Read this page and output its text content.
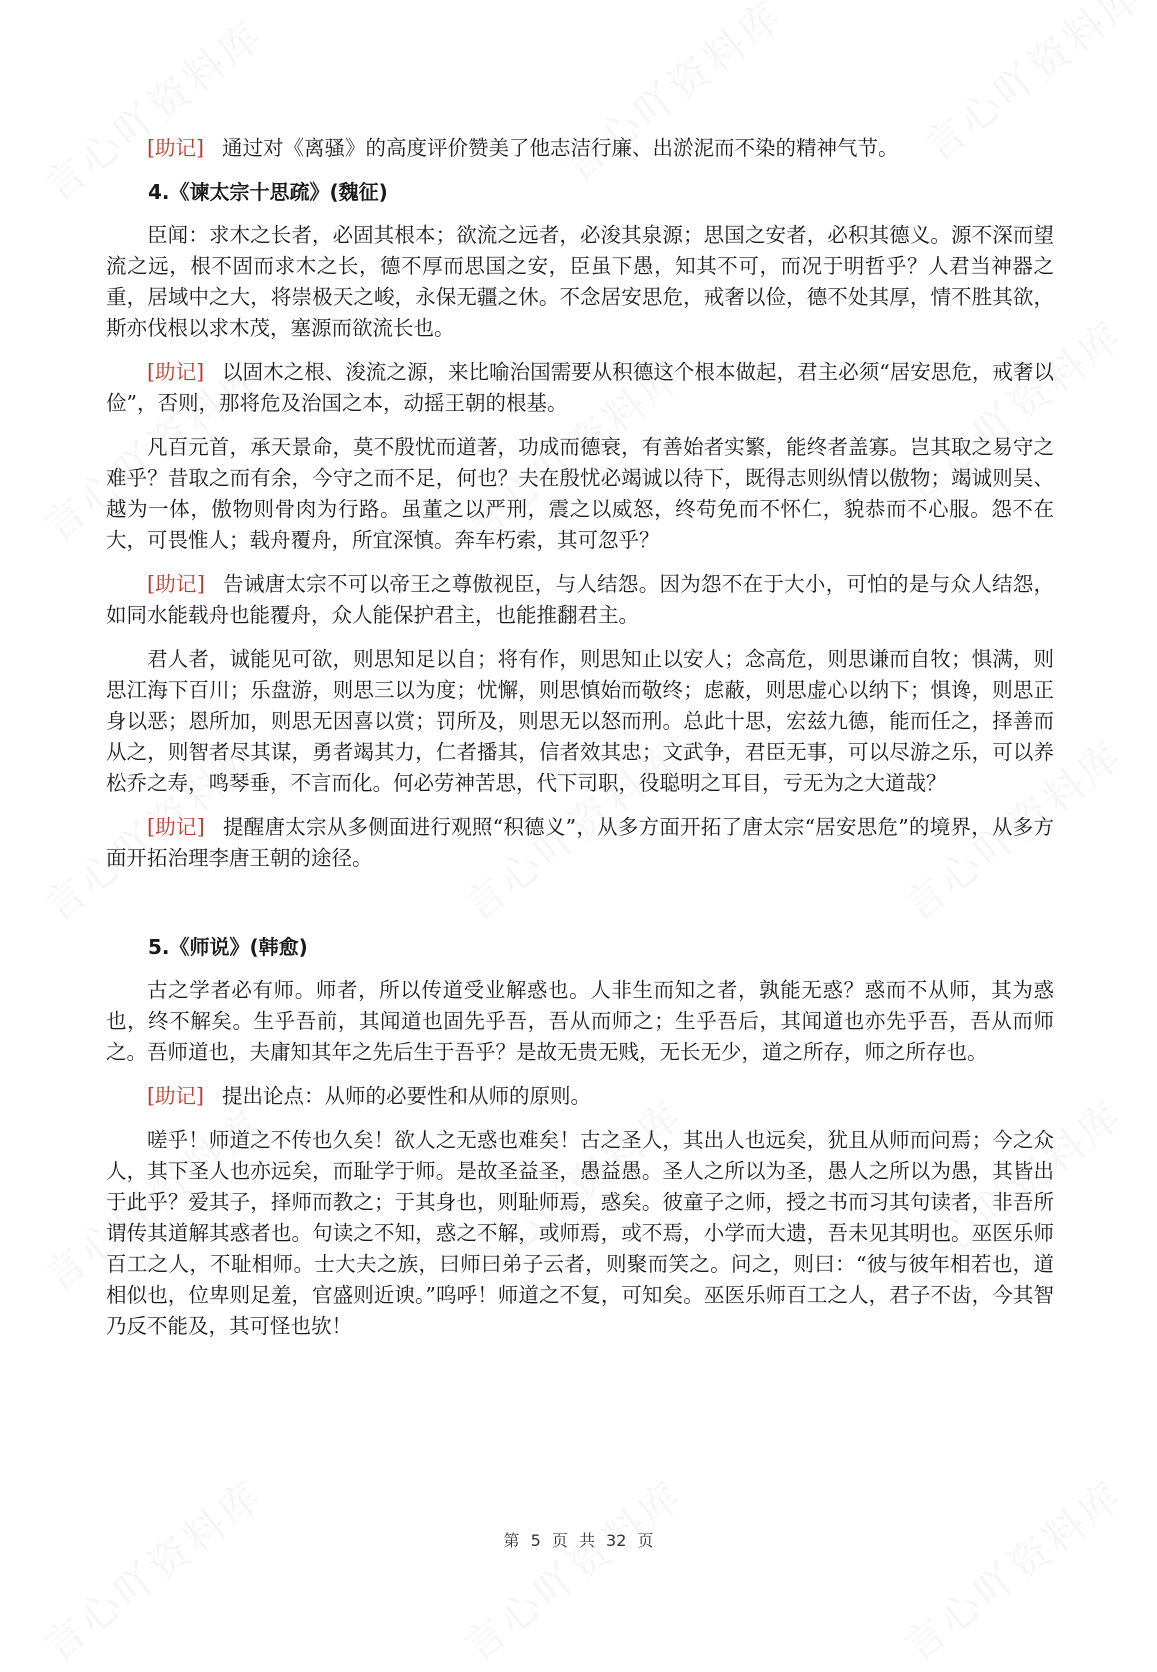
[助记] 通过对《离骚》的高度评价赞美了他志洁行廉、出淤泥而不染的精神气节。

4.《谏太宗十思疏》(魏征)

臣闻：求木之长者，必固其根本；欲流之远者，必浚其泉源；思国之安者，必积其德义。源不深而望流之远，根不固而求木之长，德不厚而思国之安，臣虽下愚，知其不可，而况于明哲乎？人君当神器之重，居域中之大，将崇极天之峻，永保无疆之休。不念居安思危，戒奢以俭，德不处其厚，情不胜其欲，斯亦伐根以求木茂，塞源而欲流长也。

[助记] 以固木之根、浚流之源，来比喻治国需要从积德这个根本做起，君主必须“居安思危，戒奢以俭”，否则，那将危及治国之本，动摇王朝的根基。

凡百元首，承天景命，莫不殷忧而道著，功成而德衰，有善始者实繁，能终者盖寡。岂其取之易守之难乎？昔取之而有余，今守之而不足，何也？夫在殷忧必竭诚以待下，既得志则纵情以傲物；竭诚则吴、越为一体，傲物则骨肉为行路。虽董之以严刑，震之以威怒，终苟免而不怀仁，貌恭而不心服。怨不在大，可畏惟人；载舟覆舟，所宜深慎。奔车朽索，其可忽乎？

[助记] 告诫唐太宗不可以帝王之尊傲视臣，与人结怨。因为怨不在于大小，可怕的是与众人结怨，如同水能载舟也能覆舟，众人能保护君主，也能推翻君主。

君人者，诚能见可欲，则思知足以自；将有作，则思知止以安人；念高危，则思谦而自牧；惧满，则思江海下百川；乐盘游，则思三以为度；忧懈，则思慎始而敬终；虑蔽，则思虚心以纳下；惧谗，则思正身以恶；恩所加，则思无因喜以赏；罚所及，则思无以怒而刑。总此十思，宏兹九德，能而任之，择善而从之，则智者尽其谋，勇者竭其力，仁者播其，信者效其忠；文武争，君臣无事，可以尽游之乐，可以养松乔之寿，鸣琴垂，不言而化。何必劳神苦思，代下司职，役聪明之耳目，亏无为之大道哉？

[助记] 提醒唐太宗从多侧面进行观照“积德义”，从多方面开拓了唐太宗“居安思危”的境界，从多方面开拓治理李唐王朝的途径。

5.《师说》(韩愈)

古之学者必有师。师者，所以传道受业解惑也。人非生而知之者，孰能无惑？惑而不从师，其为惑也，终不解矣。生乎吾前，其闻道也固先乎吾，吾从而师之；生乎吾后，其闻道也亦先乎吾，吾从而师之。吾师道也，夫庸知其年之先后生于吾乎？是故无贵无贱，无长无少，道之所存，师之所存也。

[助记] 提出论点：从师的必要性和从师的原则。

嗟乎！师道之不传也久矣！欲人之无惑也难矣！古之圣人，其出人也远矣，犹且从师而问焉；今之众人，其下圣人也亦远矣，而耻学于师。是故圣益圣，愚益愚。圣人之所以为圣，愚人之所以为愚，其皆出于此乎？爱其子，择师而教之；于其身也，则耻师焉，惑矣。彼童子之师，授之书而习其句读者，非吾所谓传其道解其惑者也。句读之不知，惑之不解，或师焉，或不焉，小学而大遗，吾未见其明也。巫医乐师百工之人，不耻相师。士大夫之族，曰师曰弟子云者，则聚而笑之。问之，则曰：“彼与彼年相若也，道相似也，位卑则足羞，官盛则近谀。”呜呼！师道之不复，可知矣。巫医乐师百工之人，君子不齿，今其智乃反不能及，其可怪也欤！

第 5 页 共 32 页
